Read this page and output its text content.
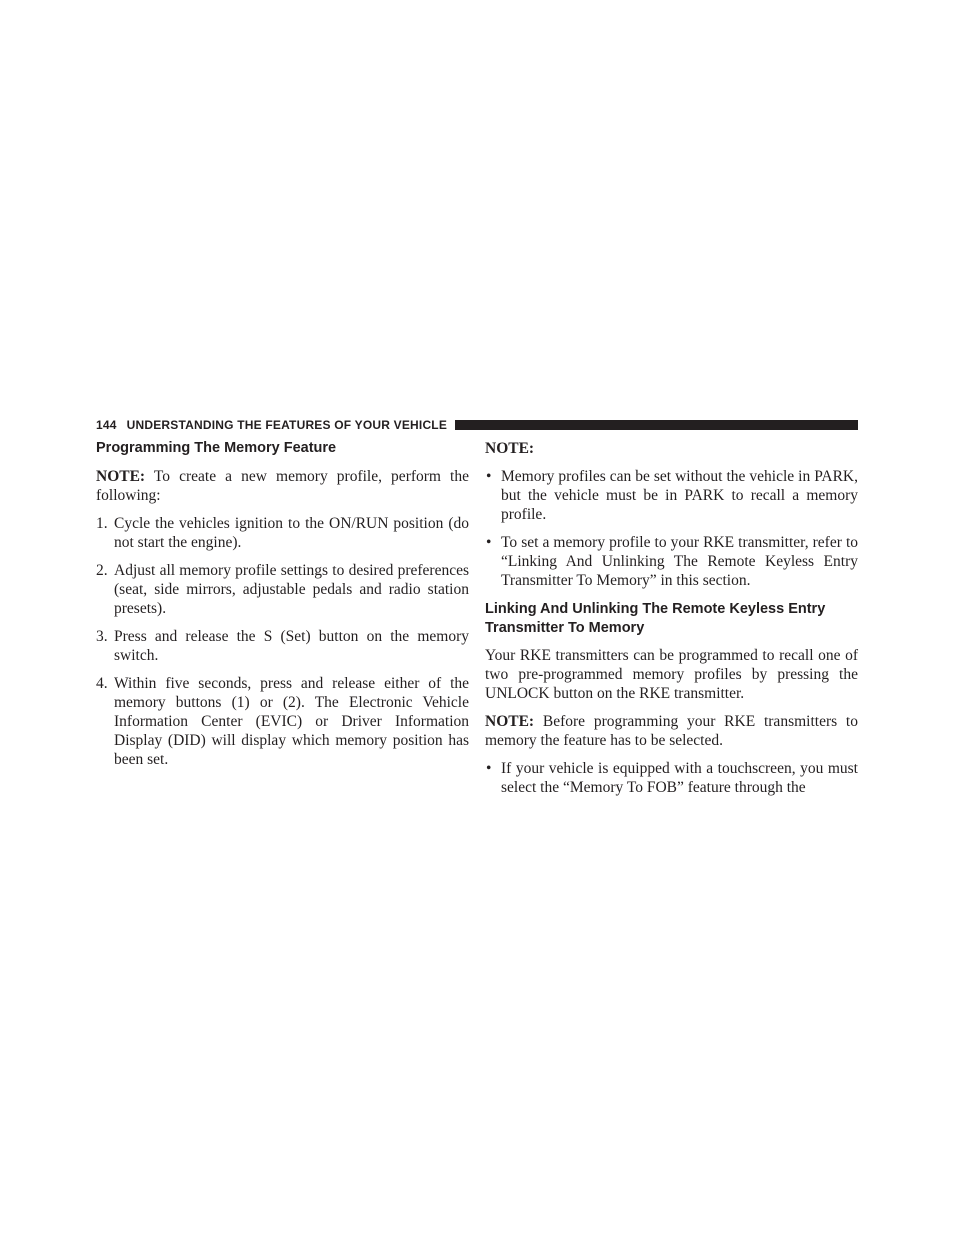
144 UNDERSTANDING THE FEATURES OF YOUR VEHICLE
Programming The Memory Feature

NOTE: To create a new memory profile, perform the following:

1. Cycle the vehicles ignition to the ON/RUN position (do not start the engine).
2. Adjust all memory profile settings to desired preferences (seat, side mirrors, adjustable pedals and radio station presets).
3. Press and release the S (Set) button on the memory switch.
4. Within five seconds, press and release either of the memory buttons (1) or (2). The Electronic Vehicle Information Center (EVIC) or Driver Information Display (DID) will display which memory position has been set.
NOTE:
• Memory profiles can be set without the vehicle in PARK, but the vehicle must be in PARK to recall a memory profile.
• To set a memory profile to your RKE transmitter, refer to “Linking And Unlinking The Remote Keyless Entry Transmitter To Memory” in this section.
Linking And Unlinking The Remote Keyless Entry Transmitter To Memory

Your RKE transmitters can be programmed to recall one of two pre-programmed memory profiles by pressing the UNLOCK button on the RKE transmitter.

NOTE: Before programming your RKE transmitters to memory the feature has to be selected.

• If your vehicle is equipped with a touchscreen, you must select the “Memory To FOB” feature through the
